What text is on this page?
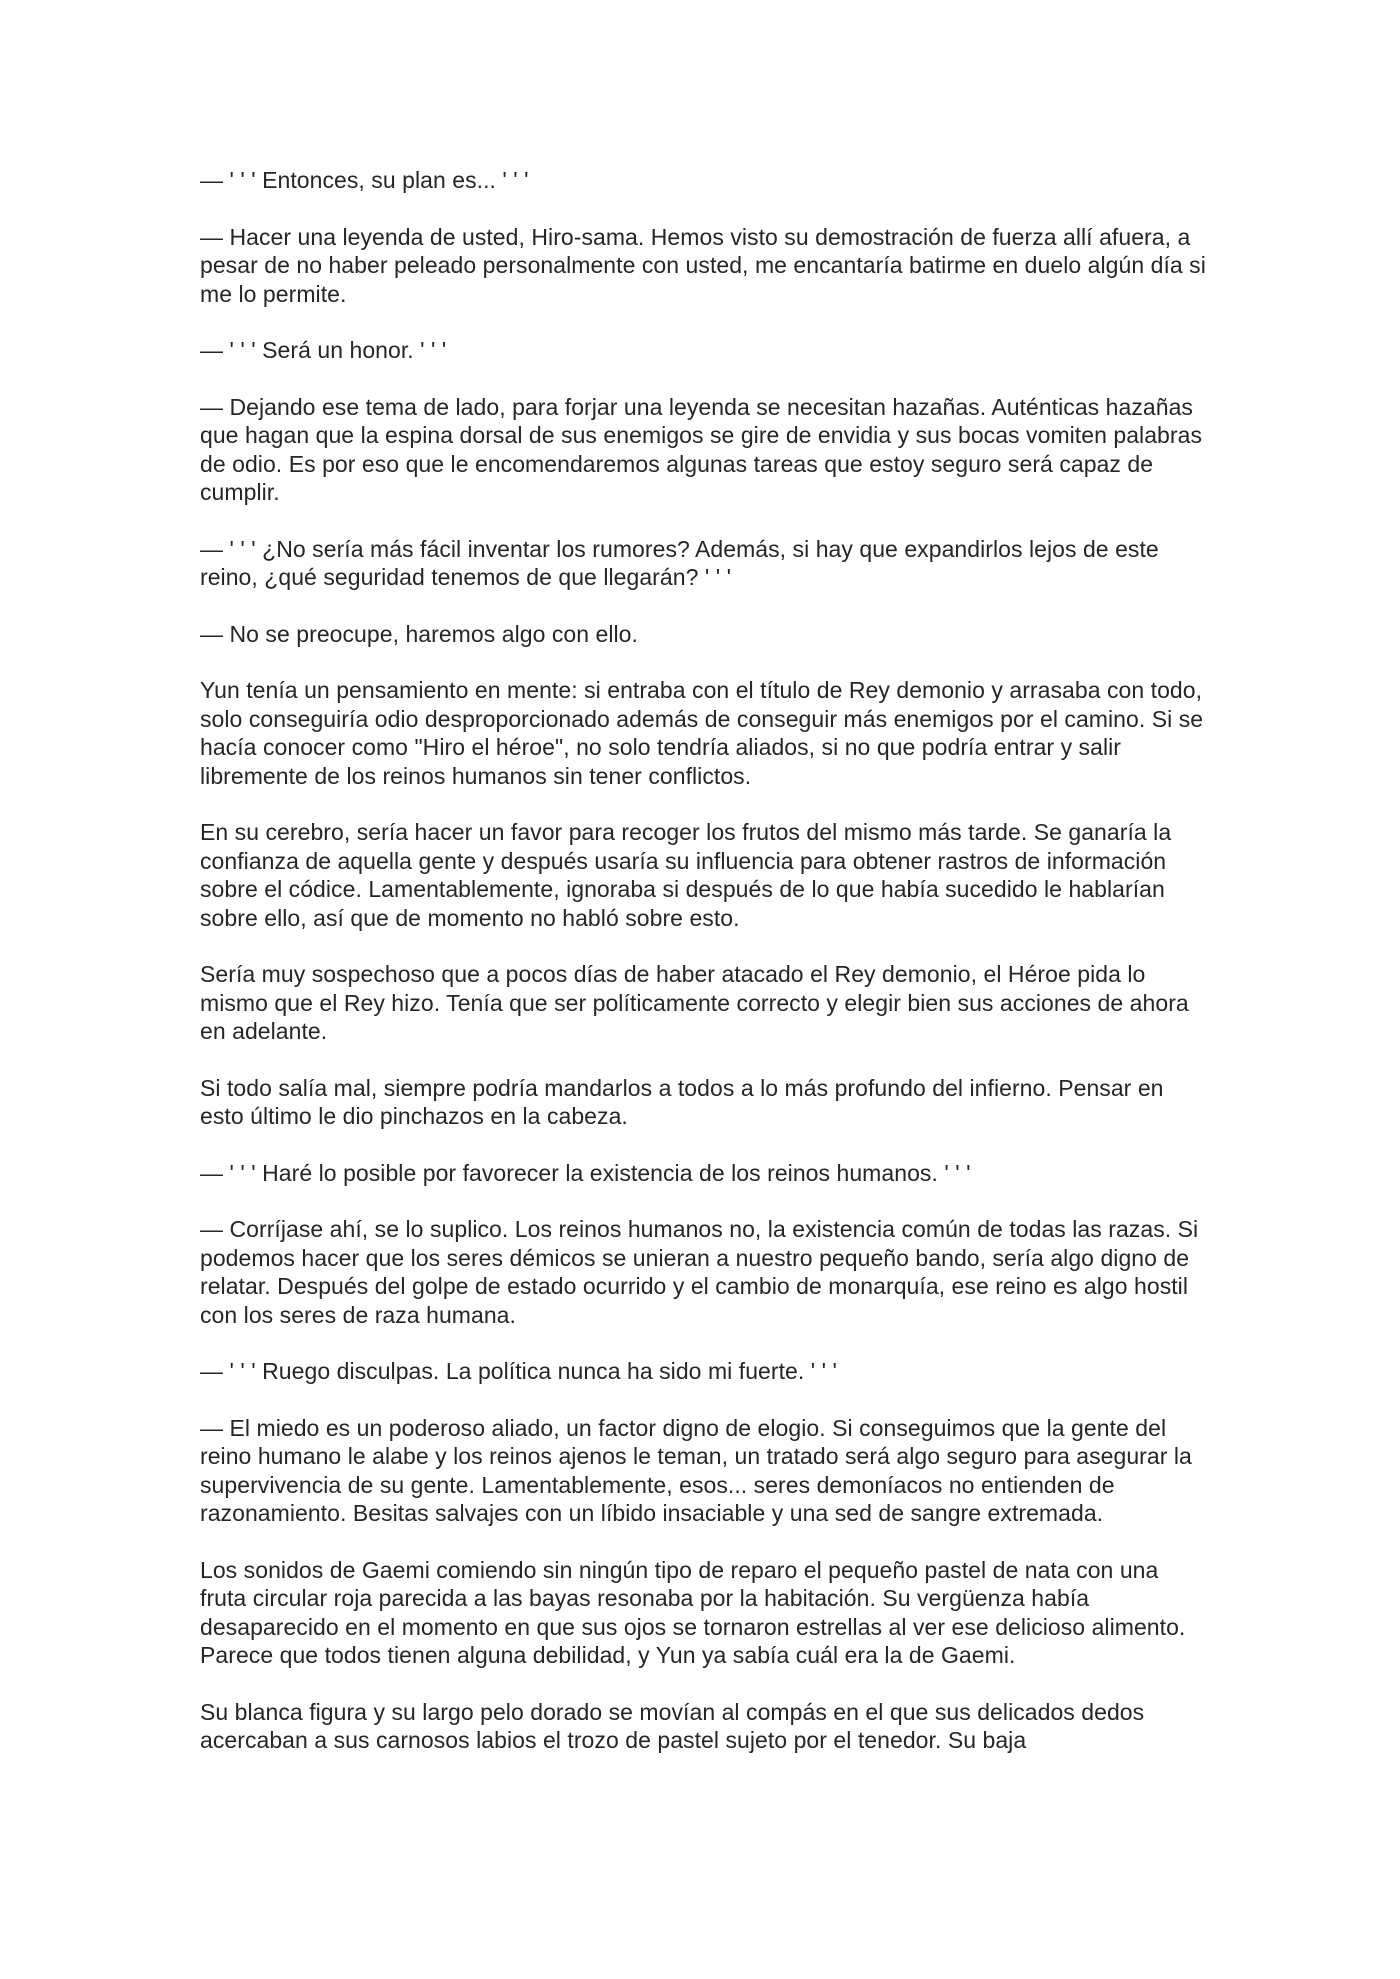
— ' ' ' Entonces, su plan es... ' ' '

— Hacer una leyenda de usted, Hiro-sama. Hemos visto su demostración de fuerza allí afuera, a pesar de no haber peleado personalmente con usted, me encantaría batirme en duelo algún día si me lo permite.

— ' ' ' Será un honor. ' ' '

— Dejando ese tema de lado, para forjar una leyenda se necesitan hazañas. Auténticas hazañas que hagan que la espina dorsal de sus enemigos se gire de envidia y sus bocas vomiten palabras de odio. Es por eso que le encomendaremos algunas tareas que estoy seguro será capaz de cumplir.

— ' ' ' ¿No sería más fácil inventar los rumores? Además, si hay que expandirlos lejos de este reino, ¿qué seguridad tenemos de que llegarán? ' ' '

— No se preocupe, haremos algo con ello.

Yun tenía un pensamiento en mente: si entraba con el título de Rey demonio y arrasaba con todo, solo conseguiría odio desproporcionado además de conseguir más enemigos por el camino. Si se hacía conocer como "Hiro el héroe", no solo tendría aliados, si no que podría entrar y salir libremente de los reinos humanos sin tener conflictos.

En su cerebro, sería hacer un favor para recoger los frutos del mismo más tarde. Se ganaría la confianza de aquella gente y después usaría su influencia para obtener rastros de información sobre el códice. Lamentablemente, ignoraba si después de lo que había sucedido le hablarían sobre ello, así que de momento no habló sobre esto.

Sería muy sospechoso que a pocos días de haber atacado el Rey demonio, el Héroe pida lo mismo que el Rey hizo. Tenía que ser políticamente correcto y elegir bien sus acciones de ahora en adelante.

Si todo salía mal, siempre podría mandarlos a todos a lo más profundo del infierno. Pensar en esto último le dio pinchazos en la cabeza.

— ' ' ' Haré lo posible por favorecer la existencia de los reinos humanos. ' ' '

— Corríjase ahí, se lo suplico. Los reinos humanos no, la existencia común de todas las razas. Si podemos hacer que los seres démicos se unieran a nuestro pequeño bando, sería algo digno de relatar. Después del golpe de estado ocurrido y el cambio de monarquía, ese reino es algo hostil con los seres de raza humana.

— ' ' ' Ruego disculpas. La política nunca ha sido mi fuerte. ' ' '

— El miedo es un poderoso aliado, un factor digno de elogio. Si conseguimos que la gente del reino humano le alabe y los reinos ajenos le teman, un tratado será algo seguro para asegurar la supervivencia de su gente. Lamentablemente, esos... seres demoníacos no entienden de razonamiento. Besitas salvajes con un líbido insaciable y una sed de sangre extremada.

Los sonidos de Gaemi comiendo sin ningún tipo de reparo el pequeño pastel de nata con una fruta circular roja parecida a las bayas resonaba por la habitación. Su vergüenza había desaparecido en el momento en que sus ojos se tornaron estrellas al ver ese delicioso alimento. Parece que todos tienen alguna debilidad, y Yun ya sabía cuál era la de Gaemi.

Su blanca figura y su largo pelo dorado se movían al compás en el que sus delicados dedos acercaban a sus carnosos labios el trozo de pastel sujeto por el tenedor. Su baja
